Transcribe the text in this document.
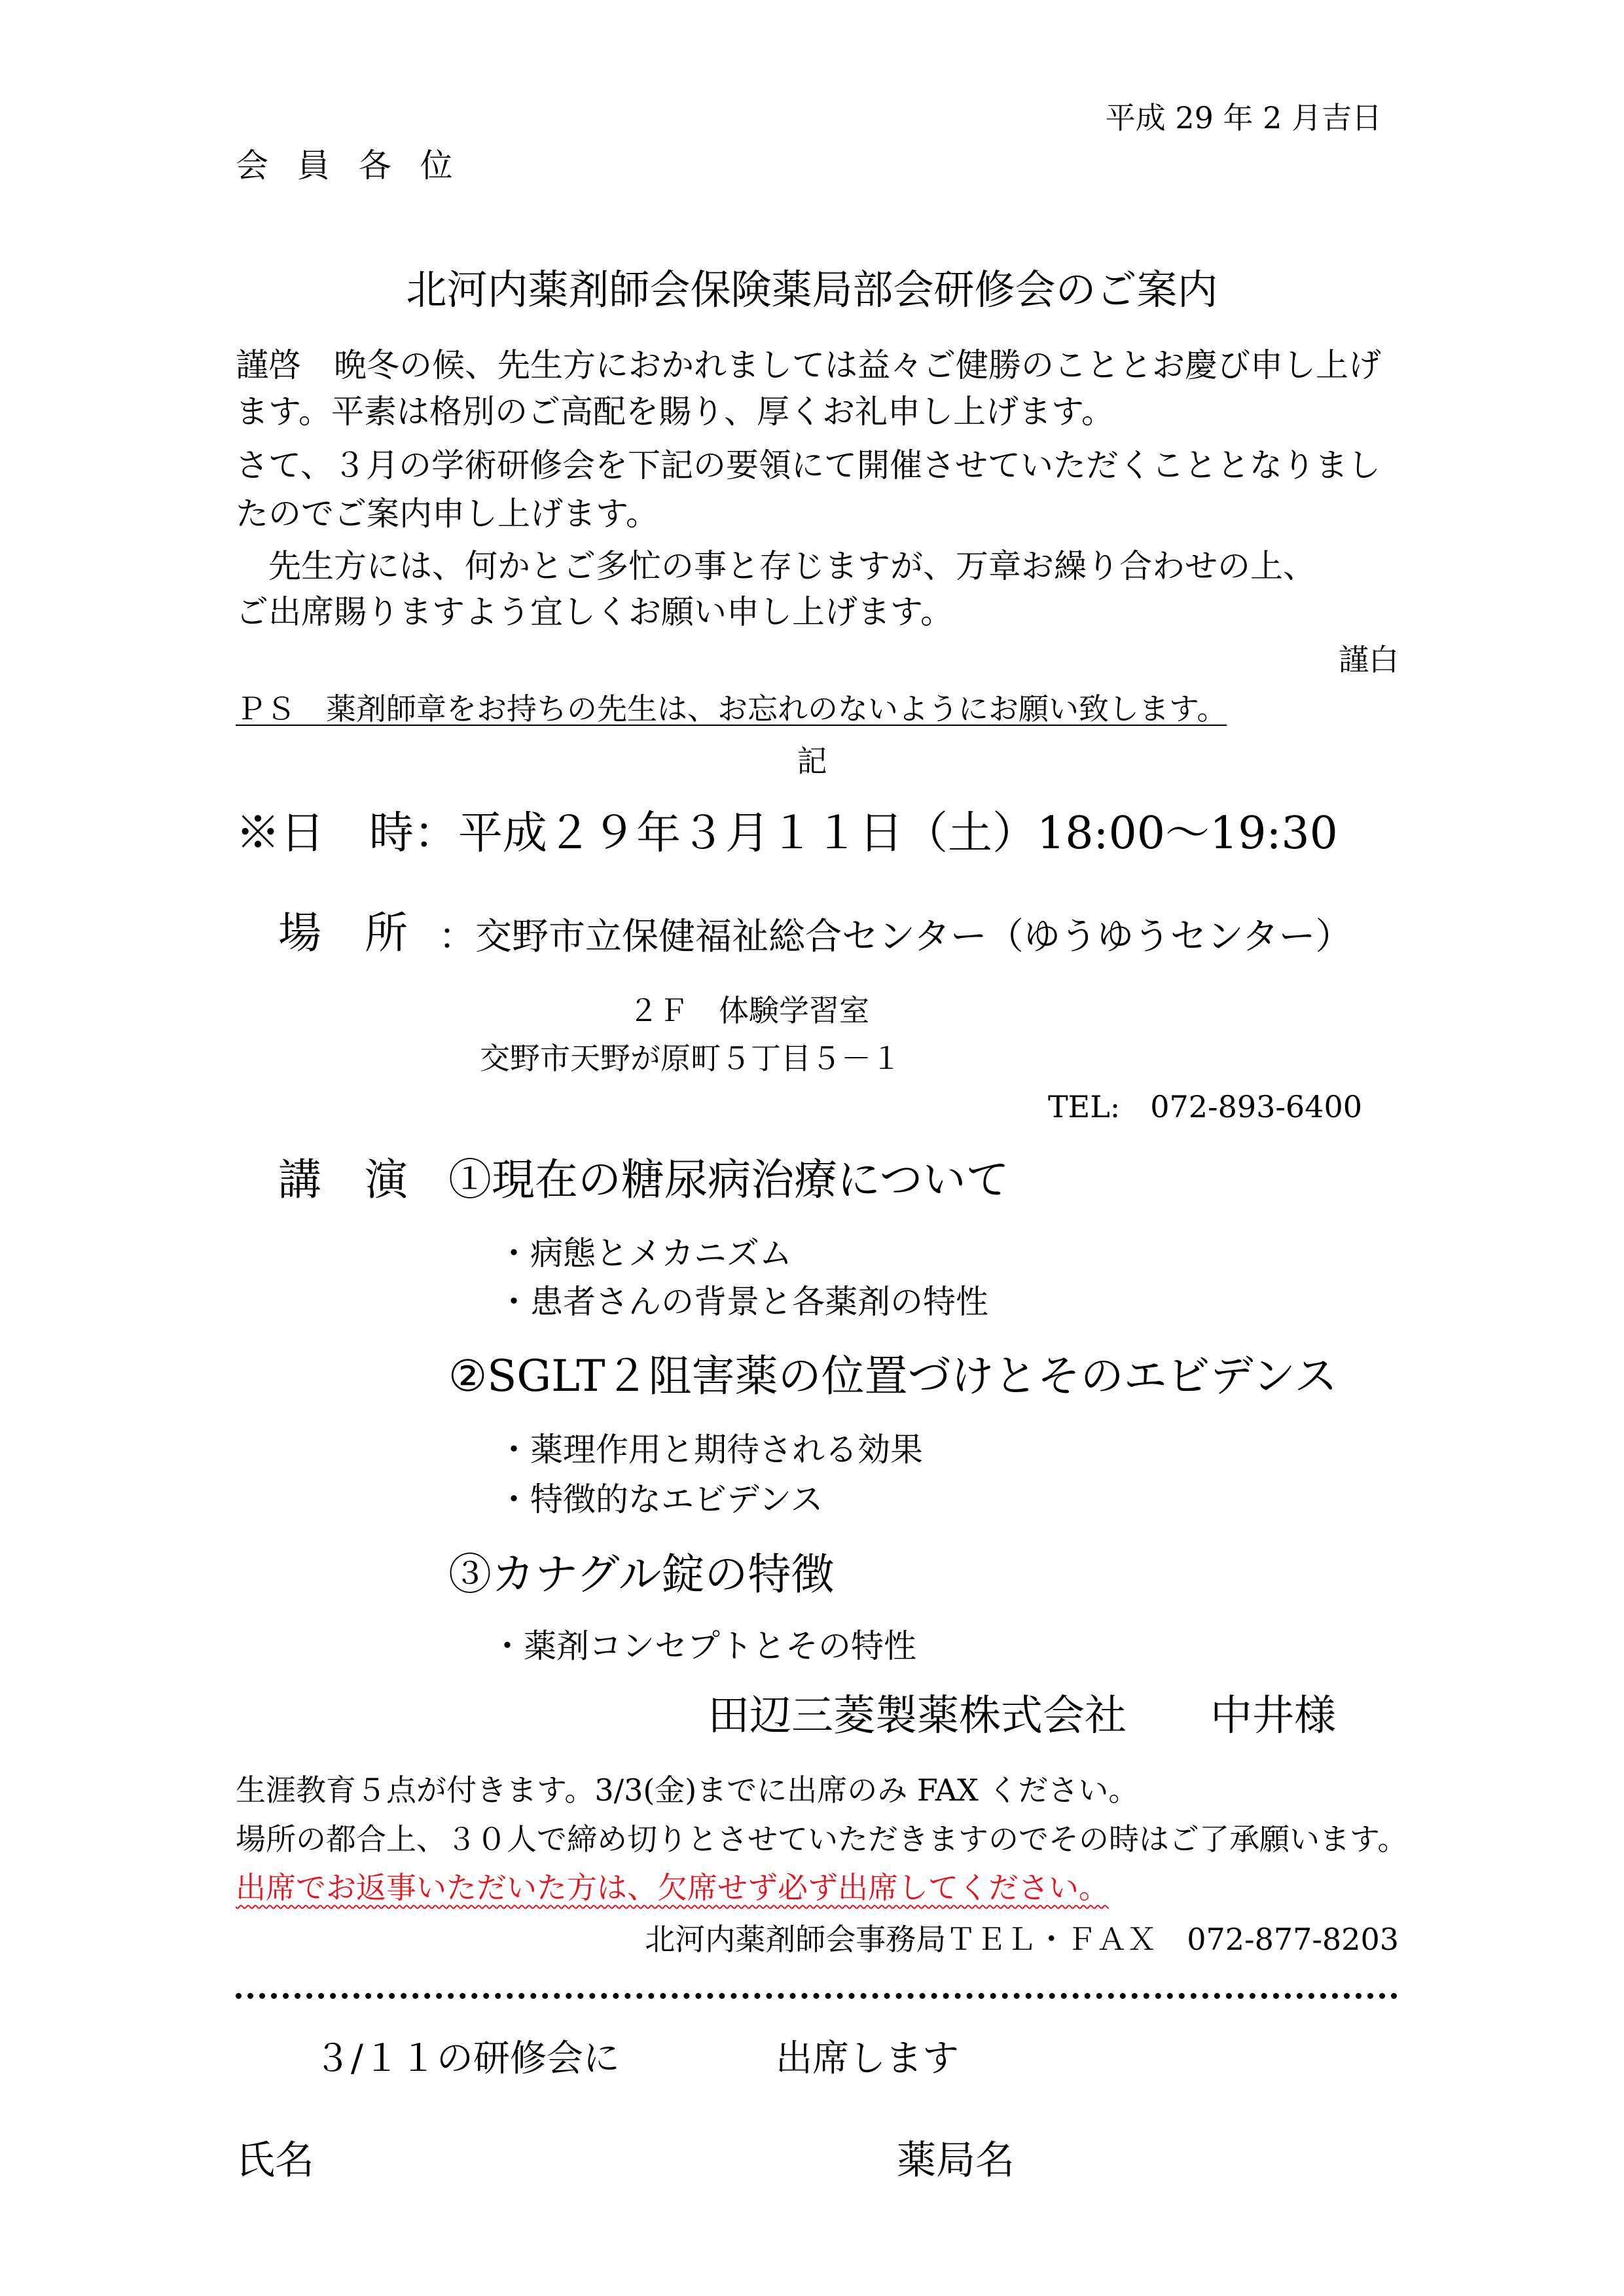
平成 29 年 2 月吉日
会 員 各 位
北河内薬剤師会保険薬局部会研修会のご案内
謹啓　晩冬の候、先生方におかれましては益々ご健勝のこととお慶び申し上げ
ます。平素は格別のご高配を賜り、厚くお礼申し上げます。
さて、３月の学術研修会を下記の要領にて開催させていただくこととなりまし
たのでご案内申し上げます。
　先生方には、何かとご多忙の事と存じますが、万章お繰り合わせの上、
ご出席賜りますよう宜しくお願い申し上げます。
謹白
ＰＳ　薬剤師章をお持ちの先生は、お忘れのないようにお願い致します。
記
※日　時：平成２９年３月１１日（土）18:00〜19:30
場　所 ：交野市立保健福祉総合センター（ゆうゆうセンター）
２Ｆ　体験学習室
交野市天野が原町５丁目５－１
TEL:　072-893-6400
講　演 ①現在の糖尿病治療について
・病態とメカニズム
・患者さんの背景と各薬剤の特性
②SGLT２阻害薬の位置づけとそのエビデンス
・薬理作用と期待される効果
・特徴的なエビデンス
③カナグル錠の特徴
・薬剤コンセプトとその特性
田辺三菱製薬株式会社　　中井様
生涯教育５点が付きます。3/3(金)までに出席のみ FAX ください。
場所の都合上、３０人で締め切りとさせていただきますのでその時はご了承願います。
出席でお返事いただいた方は、欠席せず必ず出席してください。
北河内薬剤師会事務局ＴＥＬ・ＦＡＸ　072-877-8203
３/１１の研修会に	出席します
氏名	薬局名
